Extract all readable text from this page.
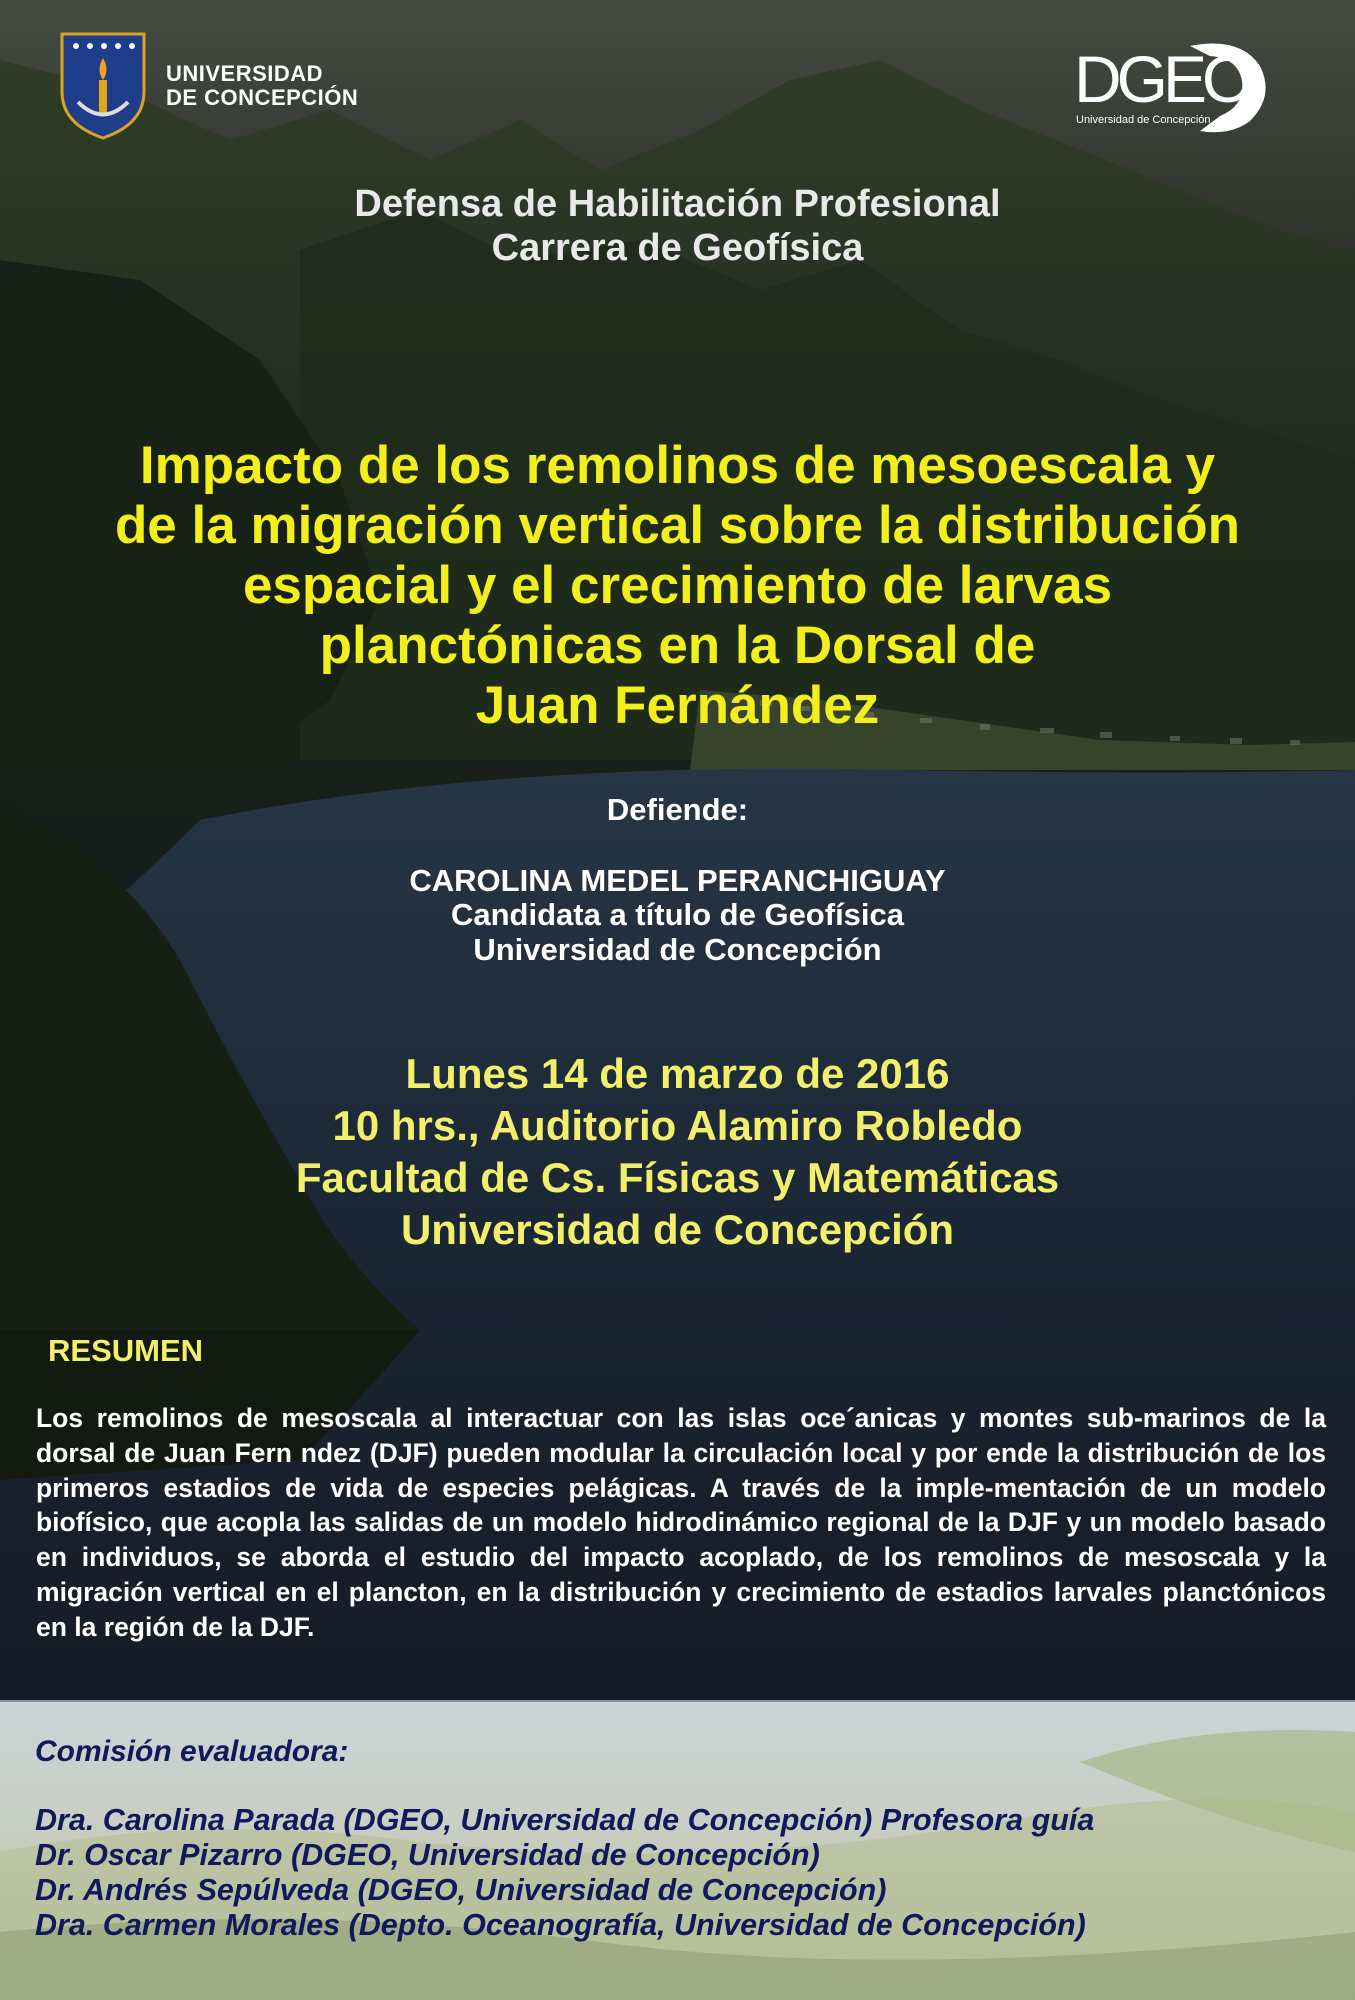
UNIVERSIDAD
DE CONCEPCIÓN	DGEO
Universidad de Concepción
Defensa de Habilitación Profesional
Carrera de Geofísica
Impacto de los remolinos de mesoescala y
de la migración vertical sobre la distribución
espacial y el crecimiento de larvas
planctónicas en la Dorsal de
Juan Fernández
Defiende:
CAROLINA MEDEL PERANCHIGUAY
Candidata a título de Geofísica
Universidad de Concepción
Lunes 14 de marzo de 2016
10 hrs., Auditorio Alamiro Robledo
Facultad de Cs. Físicas y Matemáticas
Universidad de Concepción
RESUMEN
Los remolinos de mesoscala al interactuar con las islas oce´anicas y montes sub-marinos de la dorsal de Juan Fern ndez (DJF) pueden modular la circulación local y por ende la distribución de los primeros estadios de vida de especies pelágicas. A través de la imple-mentación de un modelo biofísico, que acopla las salidas de un modelo hidrodinámico regional de la DJF y un modelo basado en individuos, se aborda el estudio del impacto acoplado, de los remolinos de mesoscala y la migración vertical en el plancton, en la distribución y crecimiento de estadios larvales planctónicos en la región de la DJF.
Comisión evaluadora:
Dra. Carolina Parada (DGEO, Universidad de Concepción) Profesora guía
Dr. Oscar Pizarro (DGEO, Universidad de Concepción)
Dr. Andrés Sepúlveda (DGEO, Universidad de Concepción)
Dra. Carmen Morales (Depto. Oceanografía, Universidad de Concepción)
